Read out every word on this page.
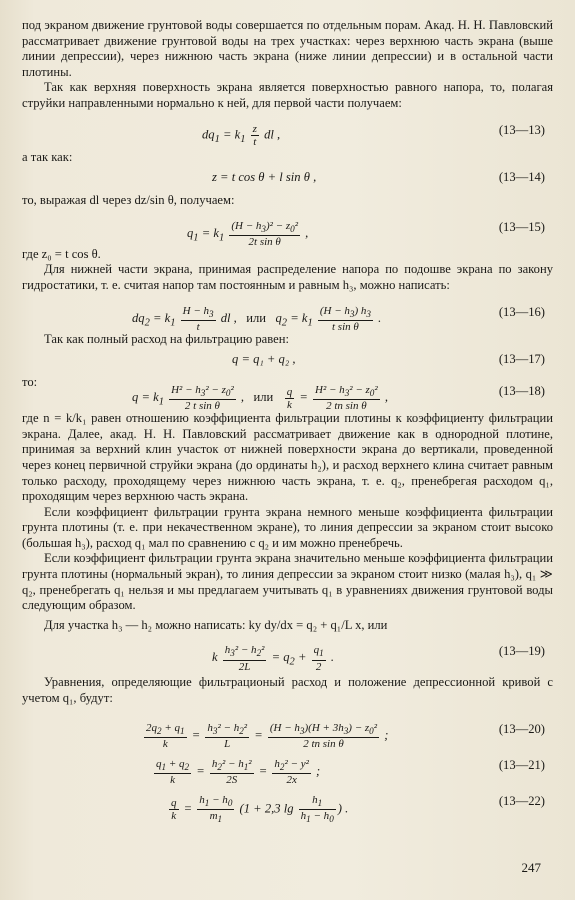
под экраном движение грунтовой воды совершается по отдельным порам. Акад. Н. Н. Павловский рассматривает движение грунтовой воды на трех участках: через верхнюю часть экрана (выше линии депрессии), через нижнюю часть экрана (ниже линии депрессии) и в остальной части плотины.

Так как верхняя поверхность экрана является поверхностью равного напора, то, полагая струйки направленными нормально к ней, для первой части получаем:

$dq_1 = k_1 \frac{z}{t}$ dl ,	(13—13)

а так как:

z = t cos θ + l sin θ ,	(13—14)

то, выражая dl через dz/sin θ, получаем:

$q_1 = k_1 \frac{(H - h_3)^2 - z_0^2}{\text{2t sin θ}}$ ,	(13—15)

где z₀ = t cos θ.

Для нижней части экрана, принимая распределение напора по подошве экрана по закону гидростатики, т. е. считая напор там постоянным и равным h₃, можно написать:

$dq_2 = k_1 \frac{H - h_3}{t}$ dl ,   или   $q_2 = k_1 \frac{(H - h_3) h_3}{\text{t sin θ}}$ .	(13—16)

Так как полный расход на фильтрацию равен:

q = q₁ + q₂ ,	(13—17)
то:
$q = k_1 \frac{H^2 - h_3^2 - z_0^2}{\text{2 t sin θ}}$ ,   или $\frac{q}{k} = \frac{H^2 - h_3^2 - z_0^2}{\text{2 tn sin θ}}$ ,	(13—18)

где n = k/k₁ равен отношению коэффициента фильтрации плотины к коэффициенту фильтрации экрана. Далее, акад. Н. Н. Павловский рассматривает движение как в однородной плотине, принимая за верхний клин участок от нижней поверхности экрана до вертикали, проведенной через конец первичной струйки экрана (до ординаты h₂), и расход верхнего клина считает равным только расходу, проходящему через нижнюю часть экрана, т. е. q₂, пренебрегая расходом q₁, проходящим через верхнюю часть экрана.

Если коэффициент фильтрации грунта экрана немного меньше коэффициента фильтрации грунта плотины (т. е. при некачественном экране), то линия депрессии за экраном стоит высоко (большая h₃), расход q₁ мал по сравнению с q₂ и им можно пренебречь.

Если коэффициент фильтрации грунта экрана значительно меньше коэффициента фильтрации грунта плотины (нормальный экран), то линия депрессии за экраном стоит низко (малая h₃), q₁ ≫ q₂, пренебрегать q₁ нельзя и мы предлагаем учитывать q₁ в уравнениях движения грунтовой воды следующим образом.

Для участка h₃ — h₂ можно написать: ky dy/dx = q₂ + q₁/L x, или

k $\frac{h_3^2 - h_2^2}{2L} = q_2 + \frac{q_1}{2}$ .	(13—19)

Уравнения, определяющие фильтрационый расход и положение депрессионной кривой с учетом q₁, будут:

$\frac{2q_2 + q_1}{k} = \frac{h_3^2 - h_2^2}{L} = \frac{(H - h_3)(H + 3h_3) - z_0^2}{\text{2 tn sin θ}}$ ;	(13—20)
$\frac{q_1 + q_2}{k} = \frac{h_2^2 - h_1^2}{2S} = \frac{h_2^2 - y^2}{2x}$ ;	(13—21)
$\frac{q}{k} = \frac{h_1 - h_0}{m_1} (1 + 2,3$ $\lg \frac{h_1}{h_1 - h_0}$ ) .
(13—22)
247
